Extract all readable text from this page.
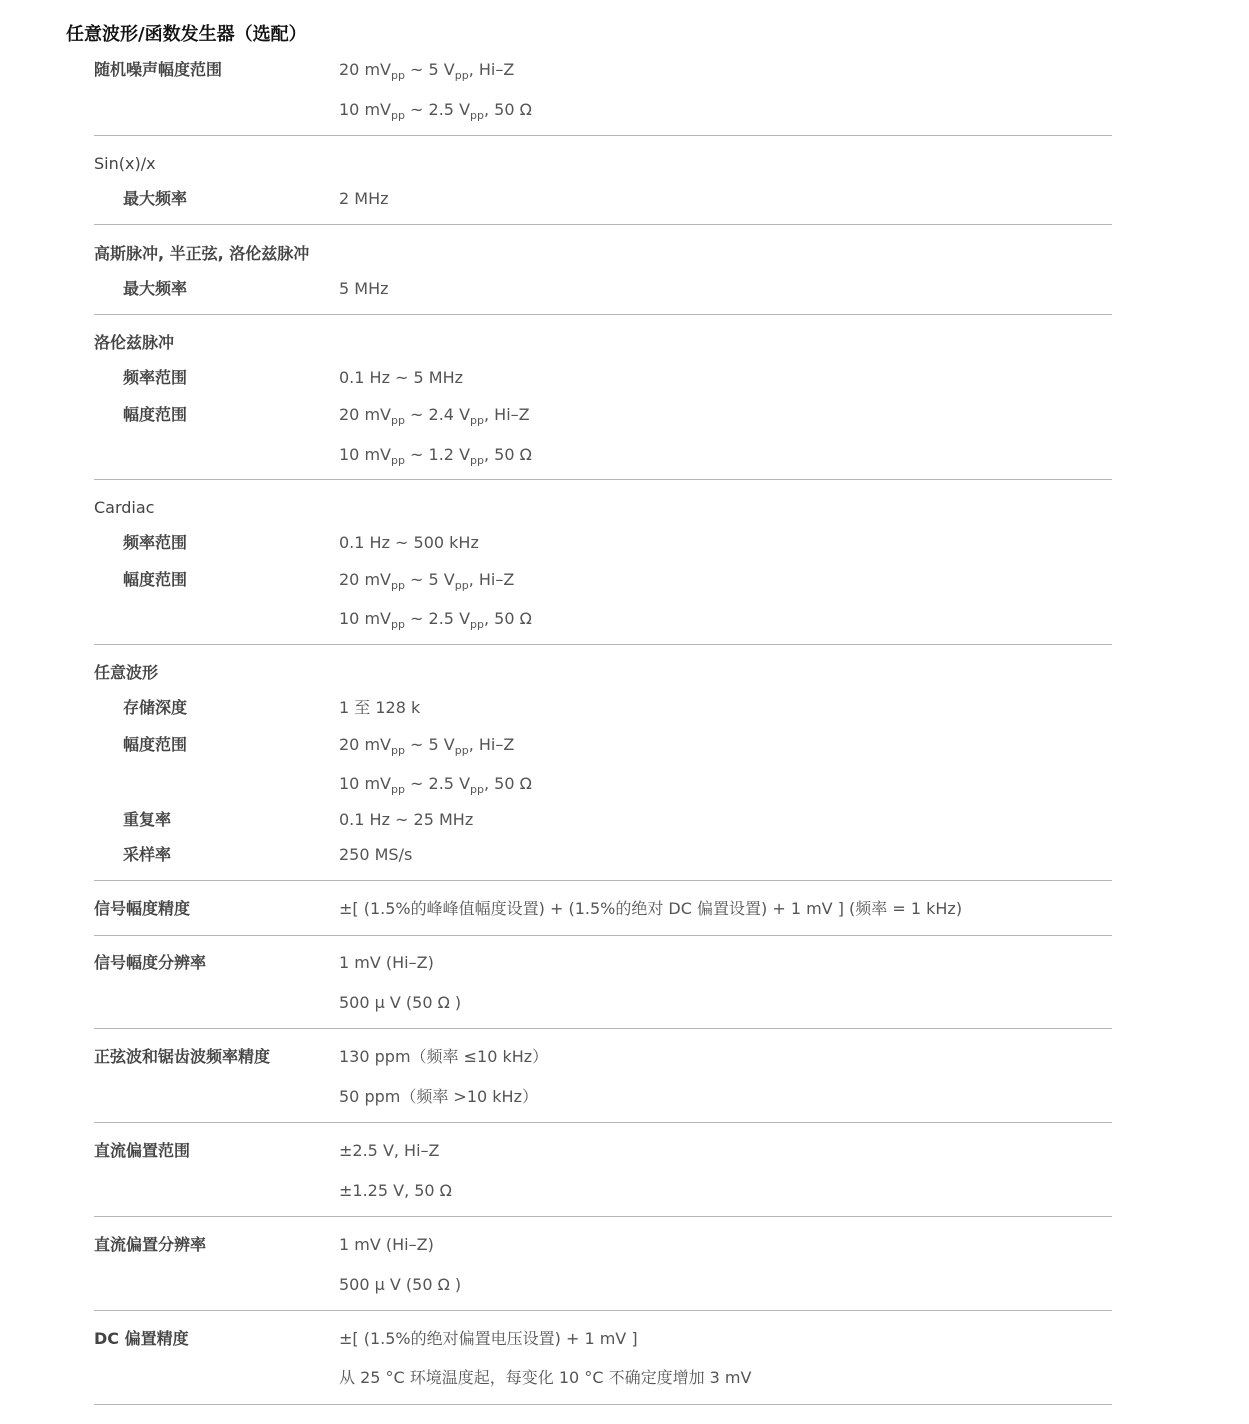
任意波形/函数发生器（选配）
随机噪声幅度范围	20 $mV_{pp}$ ~ 5 $V_{pp}$, Hi–Z
10 $mV_{pp}$ ~ 2.5 $V_{pp}$, 50 Ω
Sin(x)/x
最大频率	2 MHz
高斯脉冲, 半正弦, 洛伦兹脉冲
最大频率	5 MHz
洛伦兹脉冲
频率范围	0.1 Hz ~ 5 MHz
幅度范围	20 $mV_{pp}$ ~ 2.4 $V_{pp}$, Hi–Z
10 $mV_{pp}$ ~ 1.2 $V_{pp}$, 50 Ω
Cardiac
频率范围	0.1 Hz ~ 500 kHz
幅度范围	20 $mV_{pp}$ ~ 5 $V_{pp}$, Hi–Z
10 $mV_{pp}$ ~ 2.5 $V_{pp}$, 50 Ω
任意波形
存储深度	1 至 128 k
幅度范围	20 $mV_{pp}$ ~ 5 $V_{pp}$, Hi–Z
10 $mV_{pp}$ ~ 2.5 $V_{pp}$, 50 Ω
重复率	0.1 Hz ~ 25 MHz
采样率	250 MS/s
信号幅度精度	±[ (1.5%的峰峰值幅度设置) + (1.5%的绝对 DC 偏置设置) + 1 mV ] (频率 = 1 kHz)
信号幅度分辨率	1 mV (Hi–Z)
500 µ V (50 Ω )
正弦波和锯齿波频率精度	130 ppm（频率 ≤10 kHz）
50 ppm（频率 >10 kHz）
直流偏置范围	±2.5 V, Hi–Z
±1.25 V, 50 Ω
直流偏置分辨率	1 mV (Hi–Z)
500 µ V (50 Ω )
DC 偏置精度	±[ (1.5%的绝对偏置电压设置) + 1 mV ]
从 25 °C 环境温度起，每变化 10 °C 不确定度增加 3 mV
